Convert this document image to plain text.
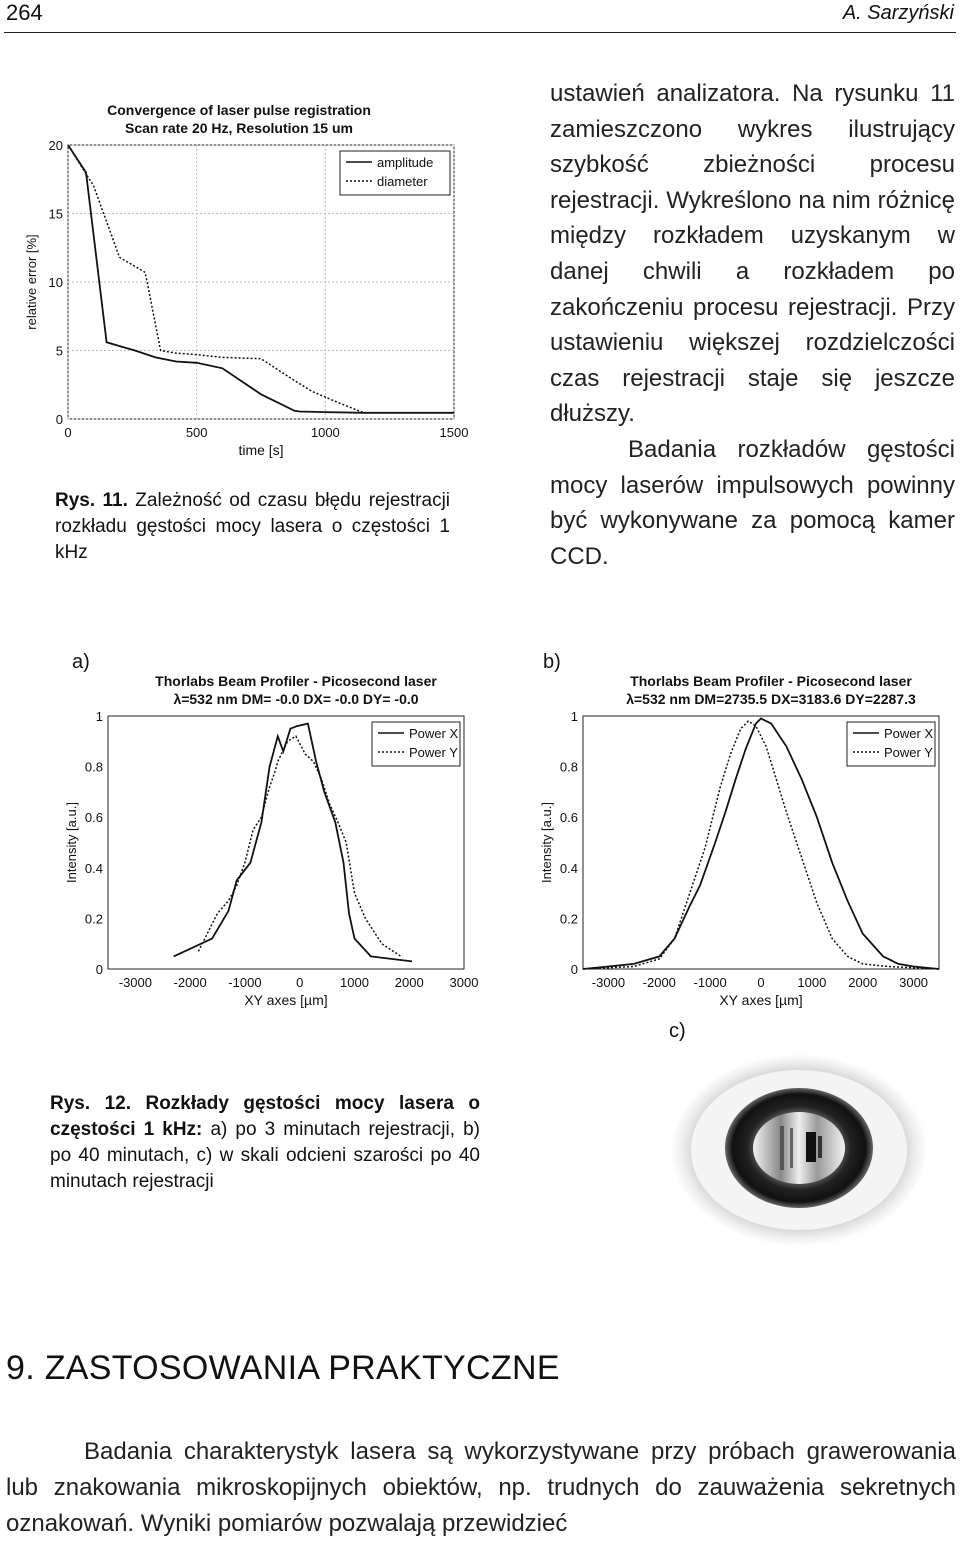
264	A. Sarzyński
Convergence of laser pulse registration
Scan rate 20 Hz, Resolution 15 um
0
5
10
15
20
0	500	1000	1500
time [s]
relative error [%]
amplitude
diameter
Rys. 11. Zależność od czasu błędu rejestracji rozkładu gęstości mocy lasera o częstości 1 kHz

ustawień analizatora. Na rysunku 11 zamieszczono wykres ilustrujący szybkość zbieżności procesu rejestracji. Wykreślono na nim różnicę między rozkładem uzyskanym w danej chwili a rozkładem po zakończeniu procesu rejestracji. Przy ustawieniu większej rozdzielczości czas rejestracji staje się jeszcze dłuższy.

Badania rozkładów gęstości mocy laserów impulsowych powinny być wykonywane za pomocą kamer CCD.

a)	b)
c)
Thorlabs Beam Profiler - Picosecond laser
λ=532 nm DM= -0.0 DX= -0.0 DY= -0.0
0
0.2
0.4
0.6
0.8
1
-3000 -2000 -1000	0	1000 2000 3000
XY axes [µm]
Intensity [a.u.]
Power X
Power Y
Thorlabs Beam Profiler - Picosecond laser
λ=532 nm DM=2735.5 DX=3183.6 DY=2287.3
0
0.2
0.4
0.6
0.8
1
-3000 -2000 -1000 0	1000 2000 3000
XY axes [µm]
Intensity [a.u.]
Power X
Power Y
Rys. 12. Rozkłady gęstości mocy lasera o częstości 1 kHz: a) po 3 minutach rejestracji, b) po 40 minutach, c) w skali odcieni szarości po 40 minutach rejestracji
9. ZASTOSOWANIA PRAKTYCZNE

Badania charakterystyk lasera są wykorzystywane przy próbach grawerowania lub znakowania mikroskopijnych obiektów, np. trudnych do zauważenia sekretnych oznakowań. Wyniki pomiarów pozwalają przewidzieć
